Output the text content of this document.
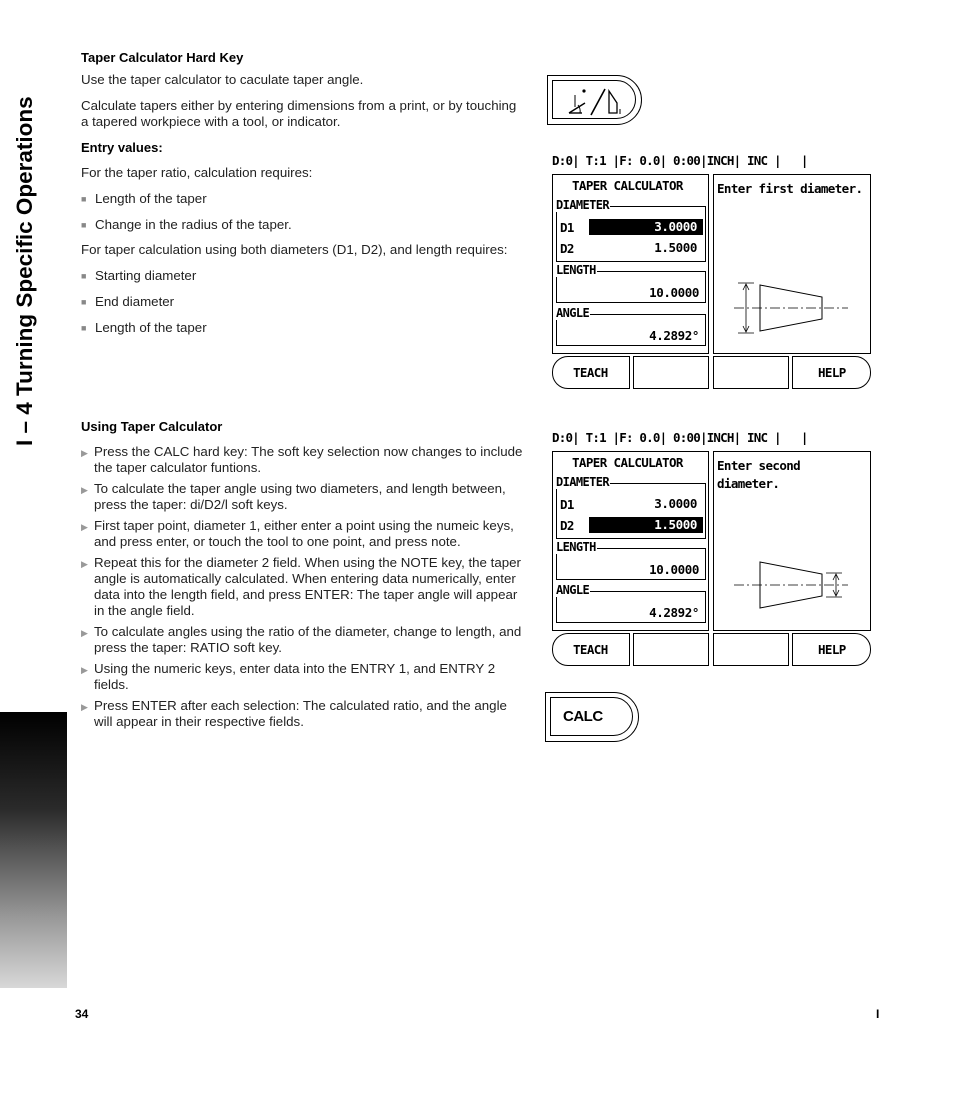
I – 4 Turning Specific Operations

Taper Calculator Hard Key

Use the taper calculator to caculate taper angle.

Calculate tapers either by entering dimensions from a print, or by touching a tapered workpiece with a tool, or indicator.

Entry values:

For the taper ratio, calculation requires:

■ Length of the taper

■ Change in the radius of the taper.

For taper calculation using both diameters (D1, D2), and length requires:

■ Starting diameter

■ End diameter

■ Length of the taper

Using Taper Calculator

▶ Press the CALC hard key: The soft key selection now changes to include the taper calculator funtions.

▶ To calculate the taper angle using two diameters, and length between, press the taper: di/D2/l soft keys.

▶ First taper point, diameter 1, either enter a point using the numeic keys, and press enter, or touch the tool to one point, and press note.

▶ Repeat this for the diameter 2 field. When using the NOTE key, the taper angle is automatically calculated. When entering data numerically, enter data into the length field, and press ENTER: The taper angle will appear in the angle field.

▶ To calculate angles using the ratio of the diameter, change to length, and press the taper: RATIO soft key.

▶ Using the numeric keys, enter data into the ENTRY 1, and ENTRY 2 fields.

▶ Press ENTER after each selection: The calculated ratio, and the angle will appear in their respective fields.

D:0| T:1 |F: 0.0| 0:00|INCH| INC |   |
TAPER CALCULATOR
DIAMETER
D1	3.0000
D2	1.5000
LENGTH
10.0000
ANGLE
4.2892°
Enter first diameter.
TEACH	HELP
D:0| T:1 |F: 0.0| 0:00|INCH| INC |   |
TAPER CALCULATOR
DIAMETER
D1	3.0000
D2	1.5000
LENGTH
10.0000
ANGLE
4.2892°
Enter second diameter.
TEACH	HELP
CALC
34	I
